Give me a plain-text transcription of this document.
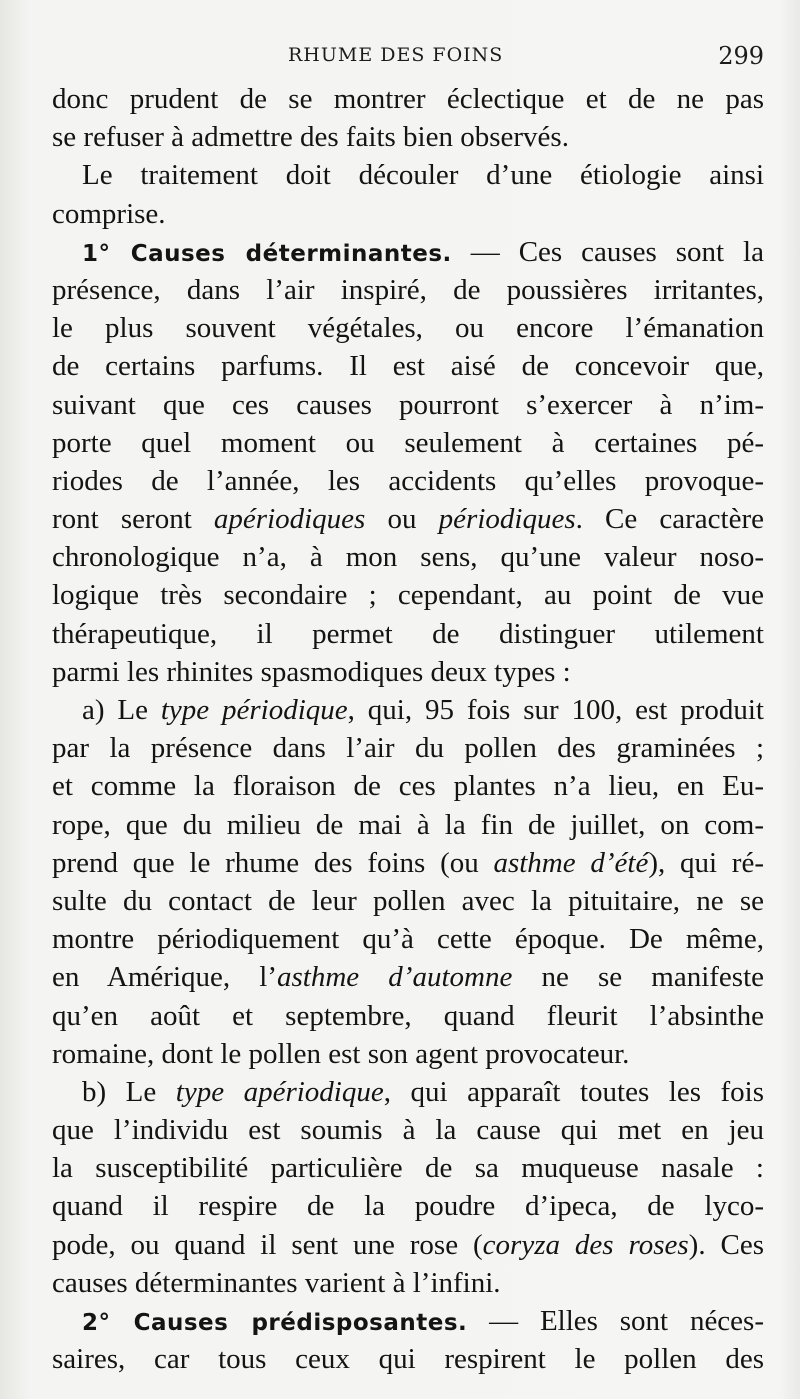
RHUME DES FOINS	299
donc prudent de se montrer éclectique et de ne pas
se refuser à admettre des faits bien observés.
Le traitement doit découler d’une étiologie ainsi
comprise.
1° Causes déterminantes. — Ces causes sont la
présence, dans l’air inspiré, de poussières irritantes,
le plus souvent végétales, ou encore l’émanation
de certains parfums. Il est aisé de concevoir que,
suivant que ces causes pourront s’exercer à n’im-
porte quel moment ou seulement à certaines pé-
riodes de l’année, les accidents qu’elles provoque-
ront seront apériodiques ou périodiques. Ce caractère
chronologique n’a, à mon sens, qu’une valeur noso-
logique très secondaire ; cependant, au point de vue
thérapeutique, il permet de distinguer utilement
parmi les rhinites spasmodiques deux types :
a) Le type périodique, qui, 95 fois sur 100, est produit
par la présence dans l’air du pollen des graminées ;
et comme la floraison de ces plantes n’a lieu, en Eu-
rope, que du milieu de mai à la fin de juillet, on com-
prend que le rhume des foins (ou asthme d’été), qui ré-
sulte du contact de leur pollen avec la pituitaire, ne se
montre périodiquement qu’à cette époque. De même,
en Amérique, l’asthme d’automne ne se manifeste
qu’en août et septembre, quand fleurit l’absinthe
romaine, dont le pollen est son agent provocateur.
b) Le type apériodique, qui apparaît toutes les fois
que l’individu est soumis à la cause qui met en jeu
la susceptibilité particulière de sa muqueuse nasale :
quand il respire de la poudre d’ipeca, de lyco-
pode, ou quand il sent une rose (coryza des roses). Ces
causes déterminantes varient à l’infini.
2° Causes prédisposantes. — Elles sont néces-
saires, car tous ceux qui respirent le pollen des
